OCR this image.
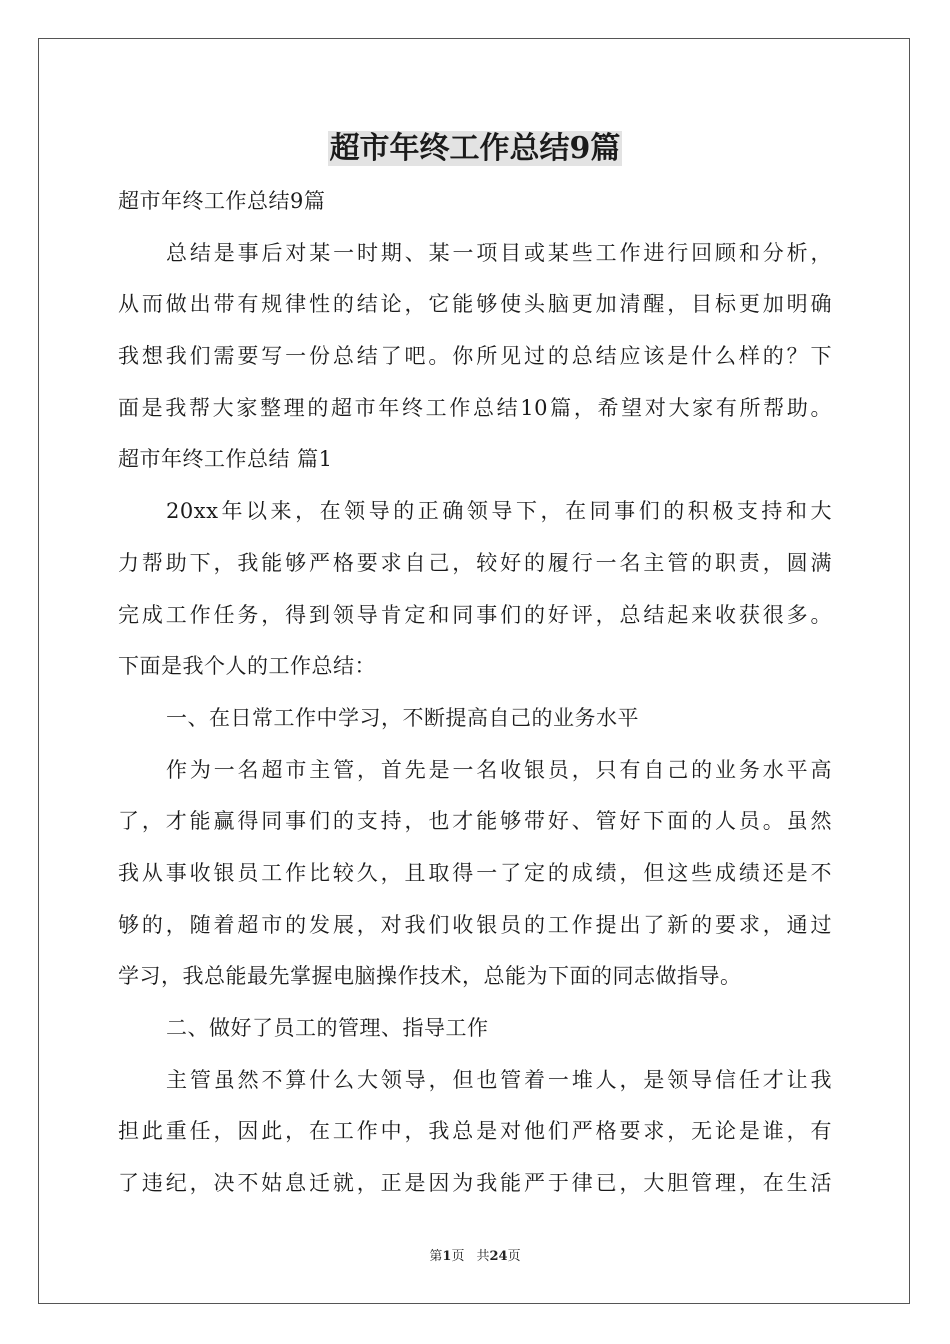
超市年终工作总结9篇
超市年终工作总结9篇
总结是事后对某一时期、某一项目或某些工作进行回顾和分析，
从而做出带有规律性的结论，它能够使头脑更加清醒，目标更加明确
我想我们需要写一份总结了吧。你所见过的总结应该是什么样的？下
面是我帮大家整理的超市年终工作总结10篇，希望对大家有所帮助。
超市年终工作总结 篇1
20xx年以来，在领导的正确领导下，在同事们的积极支持和大
力帮助下，我能够严格要求自己，较好的履行一名主管的职责，圆满
完成工作任务，得到领导肯定和同事们的好评，总结起来收获很多。
下面是我个人的工作总结：
一、在日常工作中学习，不断提高自己的业务水平
作为一名超市主管，首先是一名收银员，只有自己的业务水平高
了，才能赢得同事们的支持，也才能够带好、管好下面的人员。虽然
我从事收银员工作比较久，且取得一了定的成绩，但这些成绩还是不
够的，随着超市的发展，对我们收银员的工作提出了新的要求，通过
学习，我总能最先掌握电脑操作技术，总能为下面的同志做指导。
二、做好了员工的管理、指导工作
主管虽然不算什么大领导，但也管着一堆人，是领导信任才让我
担此重任，因此，在工作中，我总是对他们严格要求，无论是谁，有
了违纪，决不姑息迁就，正是因为我能严于律已，大胆管理，在生活
第1页 共24页
